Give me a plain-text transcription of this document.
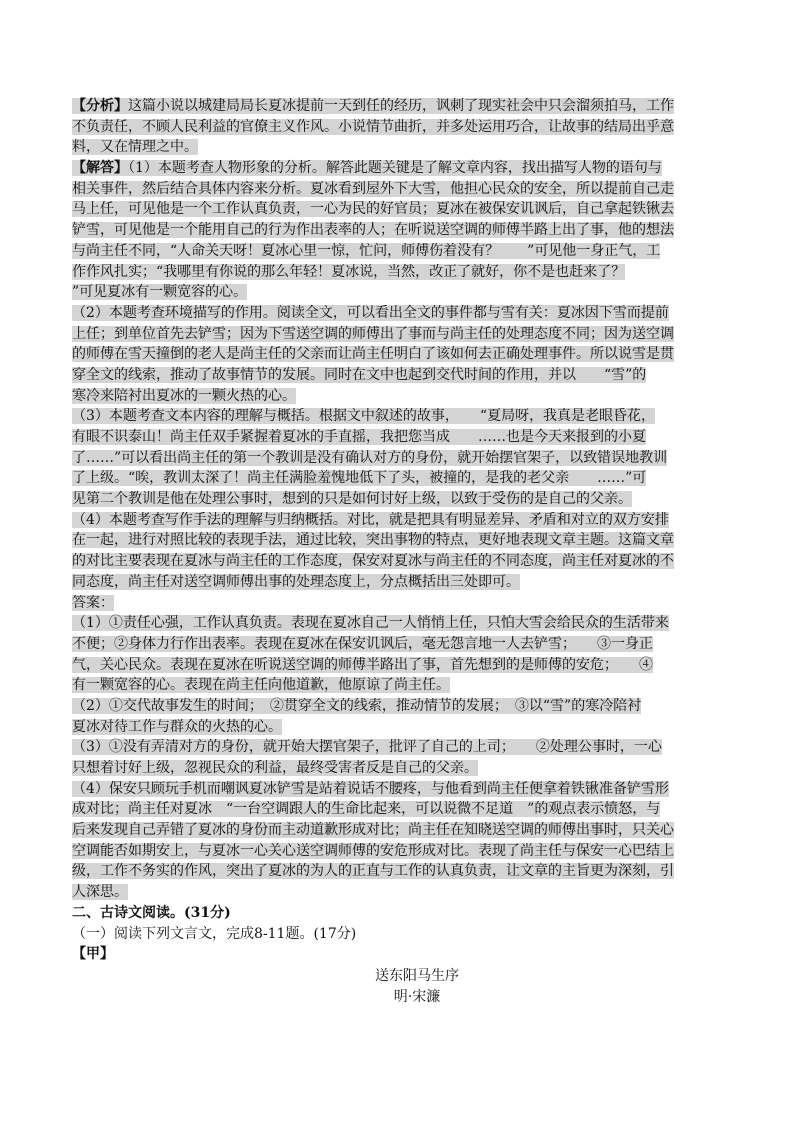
【分析】这篇小说以城建局局长夏冰提前一天到任的经历，讽刺了现实社会中只会溜须拍马，工作
不负责任，不顾人民利益的官僚主义作风。小说情节曲折，并多处运用巧合，让故事的结局出乎意
料，又在情理之中。
【解答】（1）本题考查人物形象的分析。解答此题关键是了解文章内容，找出描写人物的语句与
相关事件，然后结合具体内容来分析。夏冰看到屋外下大雪，他担心民众的安全，所以提前自己走
马上任，可见他是一个工作认真负责，一心为民的好官员；夏冰在被保安讥讽后，自己拿起铁锹去
铲雪，可见他是一个能用自己的行为作出表率的人；在听说送空调的师傅半路上出了事，他的想法
与尚主任不同，“人命关天呀！夏冰心里一惊，忙问，师傅伤着没有？　　”可见他一身正气，工
作作风扎实；“我哪里有你说的那么年轻！夏冰说，当然，改正了就好，你不是也赶来了？
”可见夏冰有一颗宽容的心。
（2）本题考查环境描写的作用。阅读全文，可以看出全文的事件都与雪有关：夏冰因下雪而提前
上任；到单位首先去铲雪；因为下雪送空调的师傅出了事而与尚主任的处理态度不同；因为送空调
的师傅在雪天撞倒的老人是尚主任的父亲而让尚主任明白了该如何去正确处理事件。所以说雪是贯
穿全文的线索，推动了故事情节的发展。同时在文中也起到交代时间的作用，并以　　“雪”的
寒冷来陪衬出夏冰的一颗火热的心。
（3）本题考查文本内容的理解与概括。根据文中叙述的故事，　　“夏局呀，我真是老眼昏花，
有眼不识泰山！尚主任双手紧握着夏冰的手直摇，我把您当成　　……也是今天来报到的小夏
了……”可以看出尚主任的第一个教训是没有确认对方的身份，就开始摆官架子，以致错误地教训
了上级。“唉，教训太深了！尚主任满脸羞愧地低下了头，被撞的，是我的老父亲　　……”可
见第二个教训是他在处理公事时，想到的只是如何讨好上级，以致于受伤的是自己的父亲。
（4）本题考查写作手法的理解与归纳概括。对比，就是把具有明显差异、矛盾和对立的双方安排
在一起，进行对照比较的表现手法，通过比较，突出事物的特点，更好地表现文章主题。这篇文章
的对比主要表现在夏冰与尚主任的工作态度，保安对夏冰与尚主任的不同态度，尚主任对夏冰的不
同态度，尚主任对送空调师傅出事的处理态度上，分点概括出三处即可。
答案：
（1）①责任心强，工作认真负责。表现在夏冰自己一人悄悄上任，只怕大雪会给民众的生活带来
不便；②身体力行作出表率。表现在夏冰在保安讥讽后，毫无怨言地一人去铲雪；　　③一身正
气，关心民众。表现在夏冰在听说送空调的师傅半路出了事，首先想到的是师傅的安危；　　④
有一颗宽容的心。表现在尚主任向他道歉，他原谅了尚主任。
（2）①交代故事发生的时间；　②贯穿全文的线索，推动情节的发展；　③以“雪”的寒冷陪衬
夏冰对待工作与群众的火热的心。
（3）①没有弄清对方的身份，就开始大摆官架子，批评了自己的上司；　　②处理公事时，一心
只想着讨好上级，忽视民众的利益，最终受害者反是自己的父亲。
（4）保安只顾玩手机而嘲讽夏冰铲雪是站着说话不腰疼，与他看到尚主任便拿着铁锹准备铲雪形
成对比；尚主任对夏冰　“一台空调跟人的生命比起来，可以说微不足道　”的观点表示愤怒，与
后来发现自己弄错了夏冰的身份而主动道歉形成对比；尚主任在知晓送空调的师傅出事时，只关心
空调能否如期安上，与夏冰一心关心送空调师傅的安危形成对比。表现了尚主任与保安一心巴结上
级，工作不务实的作风，突出了夏冰的为人的正直与工作的认真负责，让文章的主旨更为深刻，引
人深思。
二、古诗文阅读。(31分)
（一）阅读下列文言文，完成8-11题。(17分)
【甲】
送东阳马生序
明·宋濂
